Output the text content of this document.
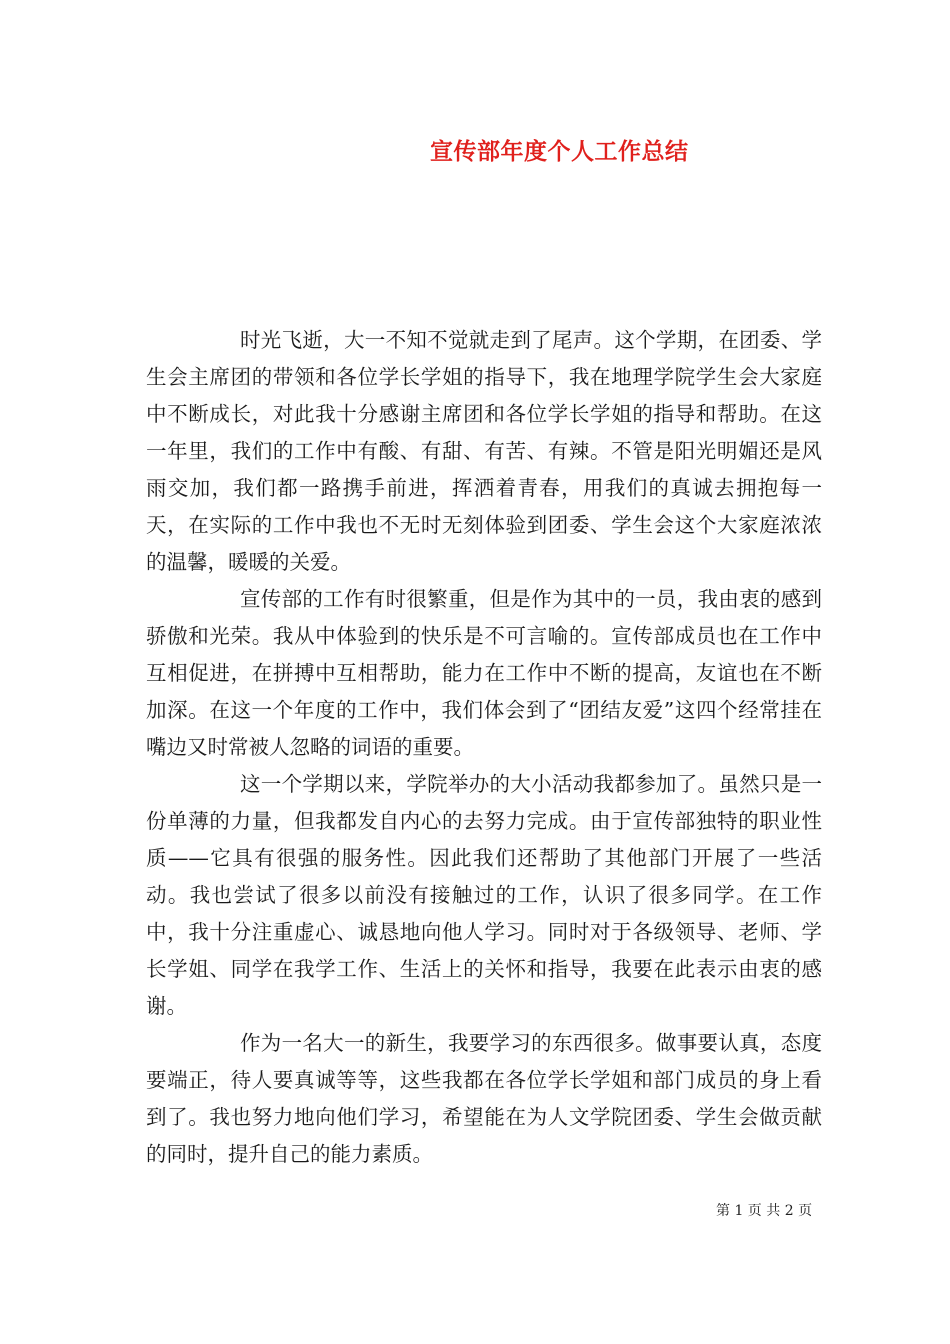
宣传部年度个人工作总结

时光飞逝，大一不知不觉就走到了尾声。这个学期，在团委、学生会主席团的带领和各位学长学姐的指导下，我在地理学院学生会大家庭中不断成长，对此我十分感谢主席团和各位学长学姐的指导和帮助。在这一年里，我们的工作中有酸、有甜、有苦、有辣。不管是阳光明媚还是风雨交加，我们都一路携手前进，挥洒着青春，用我们的真诚去拥抱每一天，在实际的工作中我也不无时无刻体验到团委、学生会这个大家庭浓浓的温馨，暖暖的关爱。

宣传部的工作有时很繁重，但是作为其中的一员，我由衷的感到骄傲和光荣。我从中体验到的快乐是不可言喻的。宣传部成员也在工作中互相促进，在拼搏中互相帮助，能力在工作中不断的提高，友谊也在不断加深。在这一个年度的工作中，我们体会到了“团结友爱”这四个经常挂在嘴边又时常被人忽略的词语的重要。

这一个学期以来，学院举办的大小活动我都参加了。虽然只是一份单薄的力量，但我都发自内心的去努力完成。由于宣传部独特的职业性质——它具有很强的服务性。因此我们还帮助了其他部门开展了一些活动。我也尝试了很多以前没有接触过的工作，认识了很多同学。在工作中，我十分注重虚心、诚恳地向他人学习。同时对于各级领导、老师、学长学姐、同学在我学工作、生活上的关怀和指导，我要在此表示由衷的感谢。

作为一名大一的新生，我要学习的东西很多。做事要认真，态度要端正，待人要真诚等等，这些我都在各位学长学姐和部门成员的身上看到了。我也努力地向他们学习，希望能在为人文学院团委、学生会做贡献的同时，提升自己的能力素质。

第 1 页 共 2 页
